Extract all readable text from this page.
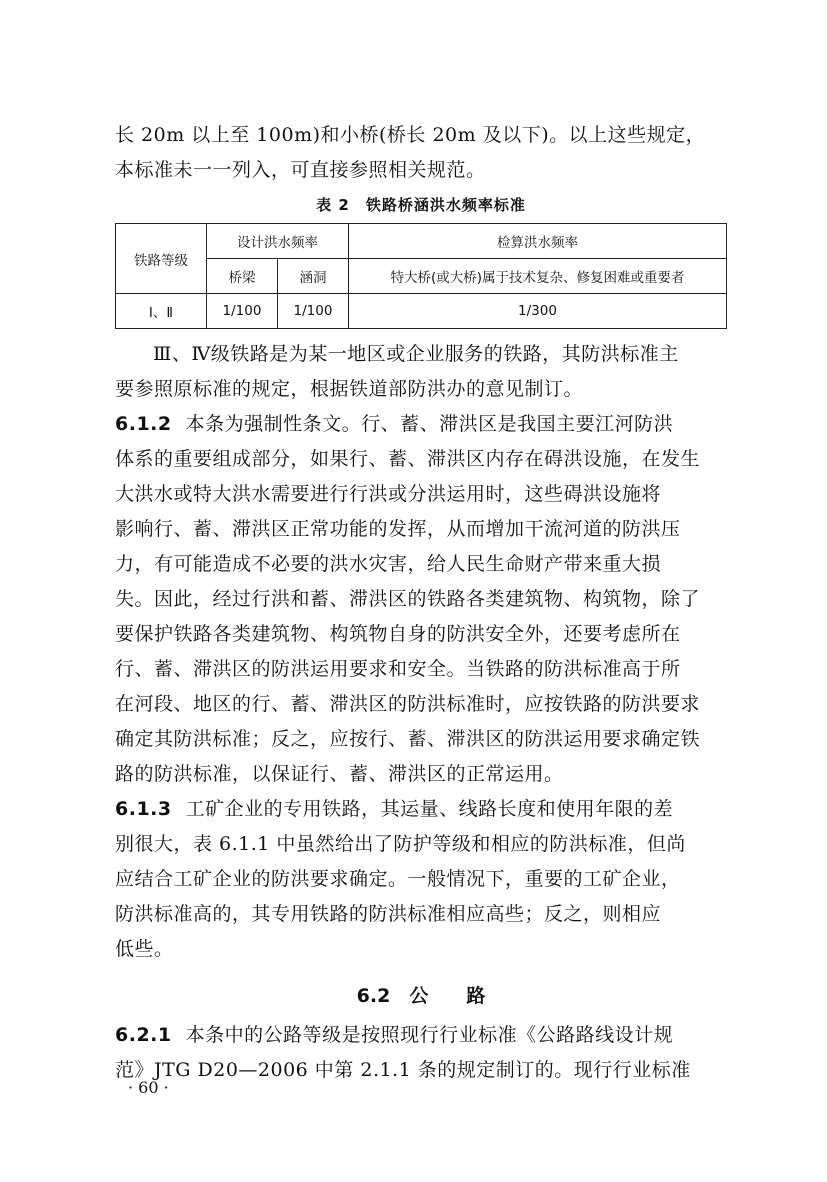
长 20m 以上至 100m)和小桥(桥长 20m 及以下)。以上这些规定，
本标准未一一列入，可直接参照相关规范。

表 2　铁路桥涵洪水频率标准
铁路等级	设计洪水频率		检算洪水频率
	桥梁	涵洞	特大桥(或大桥)属于技术复杂、修复困难或重要者
Ⅰ、Ⅱ	1/100	1/100	1/300

Ⅲ、Ⅳ级铁路是为某一地区或企业服务的铁路，其防洪标准主
要参照原标准的规定，根据铁道部防洪办的意见制订。

6.1.2 本条为强制性条文。行、蓄、滞洪区是我国主要江河防洪
体系的重要组成部分，如果行、蓄、滞洪区内存在碍洪设施，在发生
大洪水或特大洪水需要进行行洪或分洪运用时，这些碍洪设施将
影响行、蓄、滞洪区正常功能的发挥，从而增加干流河道的防洪压
力，有可能造成不必要的洪水灾害，给人民生命财产带来重大损
失。因此，经过行洪和蓄、滞洪区的铁路各类建筑物、构筑物，除了
要保护铁路各类建筑物、构筑物自身的防洪安全外，还要考虑所在
行、蓄、滞洪区的防洪运用要求和安全。当铁路的防洪标准高于所
在河段、地区的行、蓄、滞洪区的防洪标准时，应按铁路的防洪要求
确定其防洪标准；反之，应按行、蓄、滞洪区的防洪运用要求确定铁
路的防洪标准，以保证行、蓄、滞洪区的正常运用。

6.1.3 工矿企业的专用铁路，其运量、线路长度和使用年限的差
别很大，表 6.1.1 中虽然给出了防护等级和相应的防洪标准，但尚
应结合工矿企业的防洪要求确定。一般情况下，重要的工矿企业，
防洪标准高的，其专用铁路的防洪标准相应高些；反之，则相应
低些。

6.2　公　　路

6.2.1 本条中的公路等级是按照现行行业标准《公路路线设计规
范》JTG D20—2006 中第 2.1.1 条的规定制订的。现行行业标准

· 60 ·
